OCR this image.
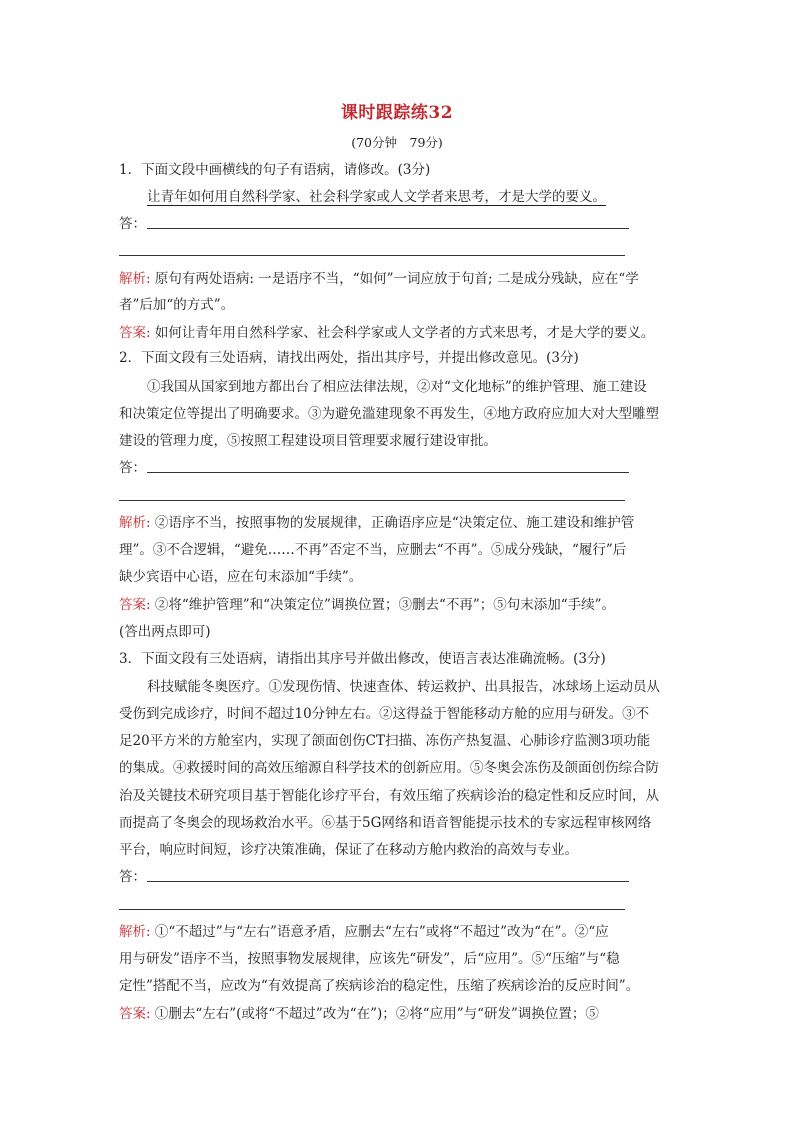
课时跟踪练32
(70分钟　79分)
1．下面文段中画横线的句子有语病，请修改。(3分)
让青年如何用自然科学家、社会科学家或人文学者来思考，才是大学的要义。
答：
解析: 原句有两处语病: 一是语序不当，“如何”一词应放于句首; 二是成分残缺，应在“学
者”后加“的方式”。
答案: 如何让青年用自然科学家、社会科学家或人文学者的方式来思考，才是大学的要义。
2．下面文段有三处语病，请找出两处，指出其序号，并提出修改意见。(3分)
①我国从国家到地方都出台了相应法律法规，②对“文化地标”的维护管理、施工建设
和决策定位等提出了明确要求。③为避免滥建现象不再发生，④地方政府应加大对大型雕塑
建设的管理力度，⑤按照工程建设项目管理要求履行建设审批。
答：
解析: ②语序不当，按照事物的发展规律，正确语序应是“决策定位、施工建设和维护管
理”。③不合逻辑，“避免……不再”否定不当，应删去“不再”。⑤成分残缺，“履行”后
缺少宾语中心语，应在句末添加“手续”。
答案: ②将“维护管理”和“决策定位”调换位置；③删去“不再”；⑤句末添加“手续”。
(答出两点即可)
3．下面文段有三处语病，请指出其序号并做出修改，使语言表达准确流畅。(3分)
科技赋能冬奥医疗。①发现伤情、快速查体、转运救护、出具报告，冰球场上运动员从
受伤到完成诊疗，时间不超过10分钟左右。②这得益于智能移动方舱的应用与研发。③不
足20平方米的方舱室内，实现了颌面创伤CT扫描、冻伤产热复温、心肺诊疗监测3项功能
的集成。④救援时间的高效压缩源自科学技术的创新应用。⑤冬奥会冻伤及颌面创伤综合防
治及关键技术研究项目基于智能化诊疗平台，有效压缩了疾病诊治的稳定性和反应时间，从
而提高了冬奥会的现场救治水平。⑥基于5G网络和语音智能提示技术的专家远程审核网络
平台，响应时间短，诊疗决策准确，保证了在移动方舱内救治的高效与专业。
答：
解析: ①“不超过”与“左右”语意矛盾，应删去“左右”或将“不超过”改为“在”。②“应
用与研发”语序不当，按照事物发展规律，应该先“研发”，后“应用”。⑤“压缩”与“稳
定性”搭配不当，应改为“有效提高了疾病诊治的稳定性，压缩了疾病诊治的反应时间”。
答案: ①删去“左右”(或将“不超过”改为“在”)；②将“应用”与“研发”调换位置；⑤
